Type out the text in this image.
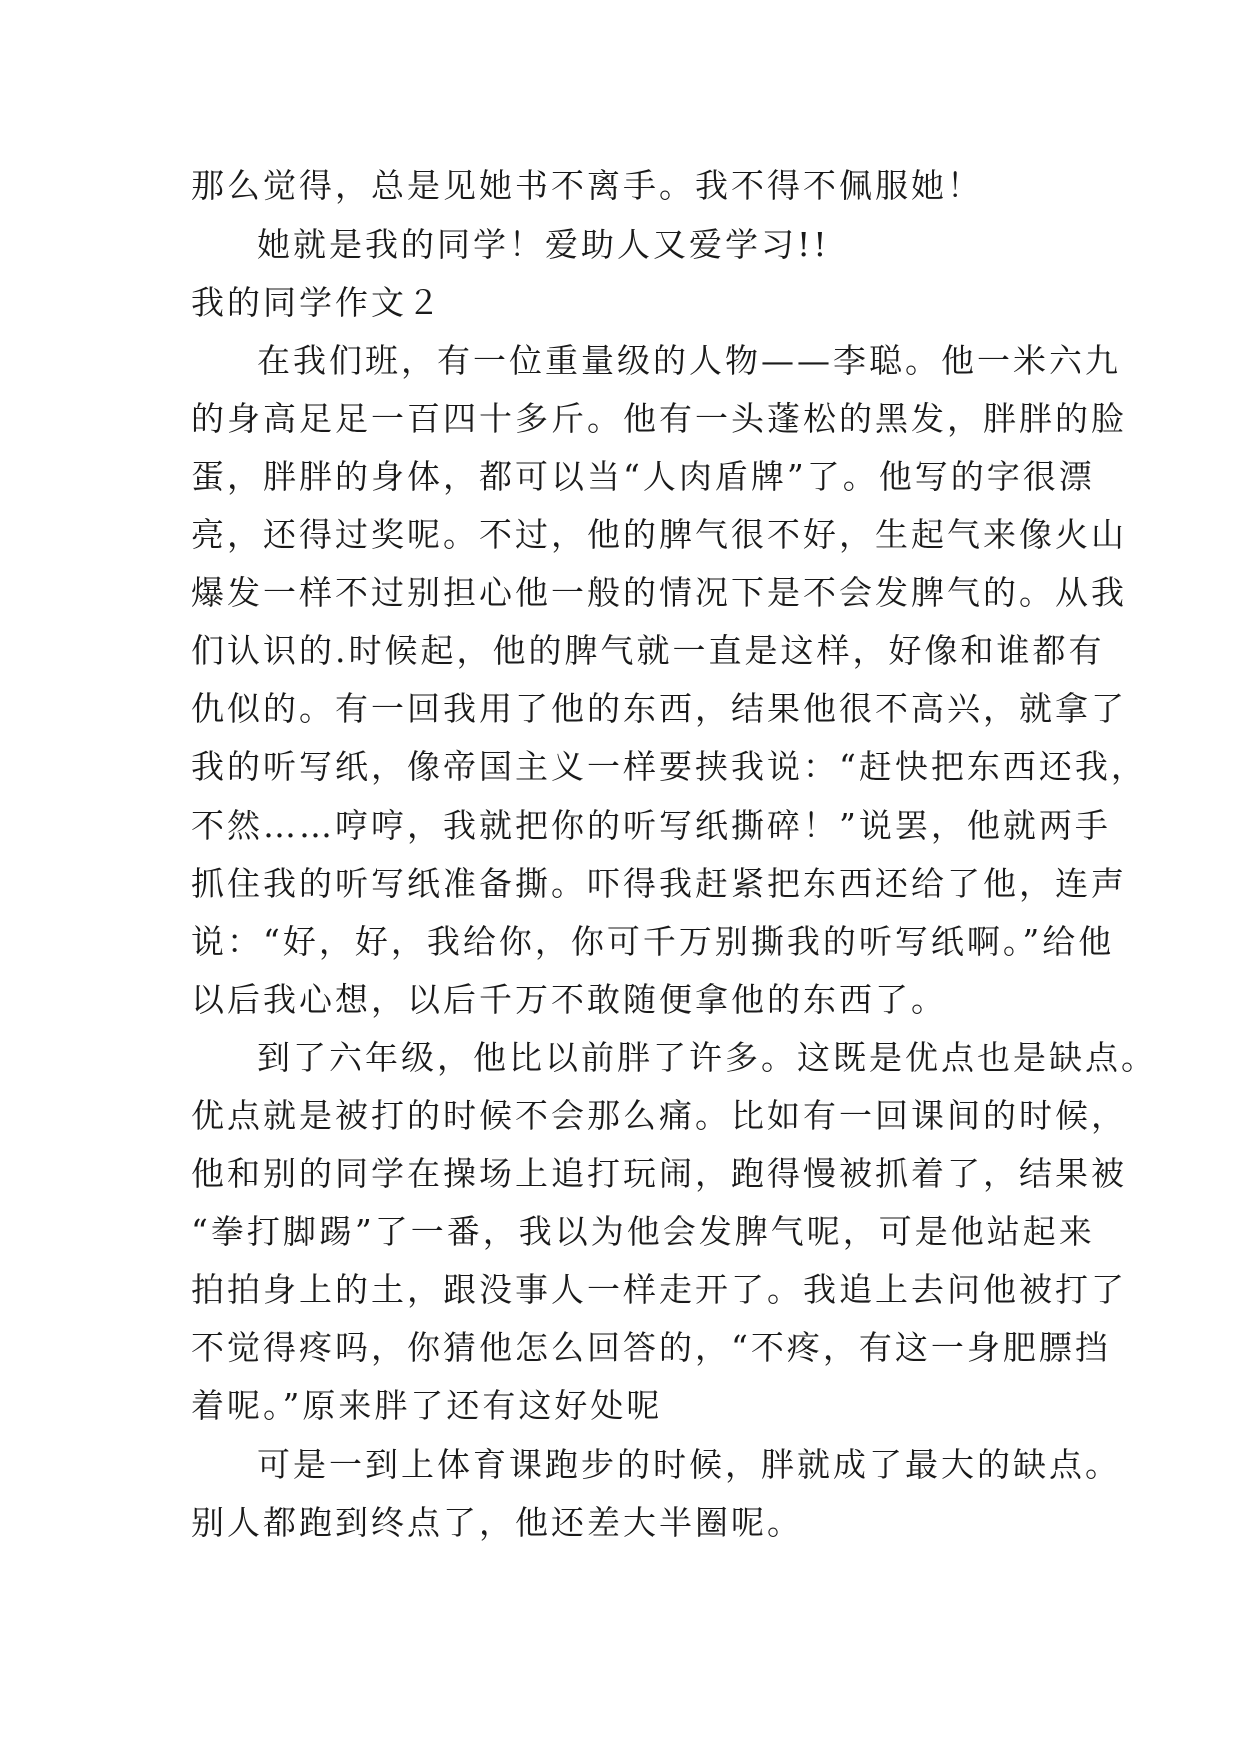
那么觉得，总是见她书不离手。我不得不佩服她！
她就是我的同学！爱助人又爱学习!!
我的同学作文２
在我们班，有一位重量级的人物——李聪。他一米六九
的身高足足一百四十多斤。他有一头蓬松的黑发，胖胖的脸
蛋，胖胖的身体，都可以当“人肉盾牌”了。他写的字很漂
亮，还得过奖呢。不过，他的脾气很不好，生起气来像火山
爆发一样不过别担心他一般的情况下是不会发脾气的。从我
们认识的.时候起，他的脾气就一直是这样，好像和谁都有
仇似的。有一回我用了他的东西，结果他很不高兴，就拿了
我的听写纸，像帝国主义一样要挟我说：“赶快把东西还我，
不然……哼哼，我就把你的听写纸撕碎！”说罢，他就两手
抓住我的听写纸准备撕。吓得我赶紧把东西还给了他，连声
说：“好，好，我给你，你可千万别撕我的听写纸啊。”给他
以后我心想，以后千万不敢随便拿他的东西了。
到了六年级，他比以前胖了许多。这既是优点也是缺点。
优点就是被打的时候不会那么痛。比如有一回课间的时候，
他和别的同学在操场上追打玩闹，跑得慢被抓着了，结果被
“拳打脚踢”了一番，我以为他会发脾气呢，可是他站起来
拍拍身上的土，跟没事人一样走开了。我追上去问他被打了
不觉得疼吗，你猜他怎么回答的，“不疼，有这一身肥膘挡
着呢。”原来胖了还有这好处呢
可是一到上体育课跑步的时候，胖就成了最大的缺点。
别人都跑到终点了，他还差大半圈呢。
